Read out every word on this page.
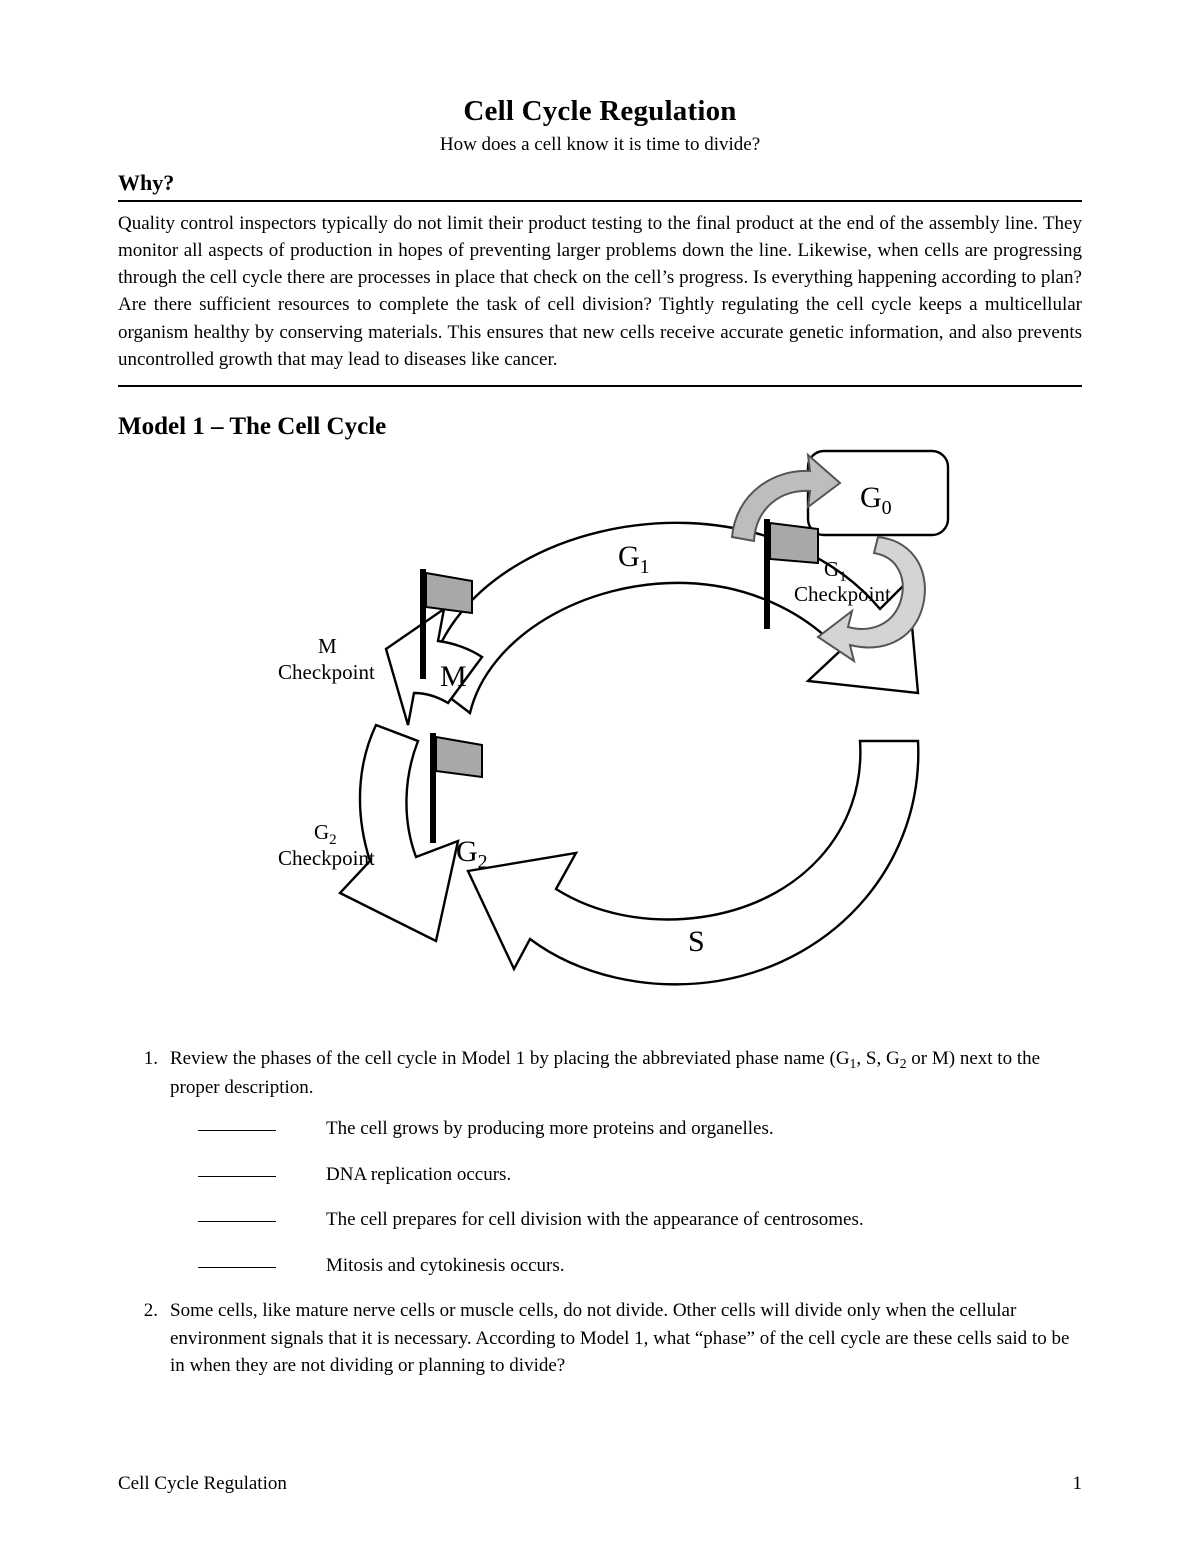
Cell Cycle Regulation
How does a cell know it is time to divide?
Why?

Quality control inspectors typically do not limit their product testing to the final product at the end of the assembly line. They monitor all aspects of production in hopes of preventing larger problems down the line. Likewise, when cells are progressing through the cell cycle there are processes in place that check on the cell’s progress. Is everything happening according to plan? Are there sufficient resources to complete the task of cell division? Tightly regulating the cell cycle keeps a multicellular organism healthy by conserving materials. This ensures that new cells receive accurate genetic information, and also prevents uncontrolled growth that may lead to diseases like cancer.

Model 1 – The Cell Cycle
$G_0$
$G_1$	$G_1$
Checkpoint
M
M
Checkpoint
$G_2$
$G_2$
Checkpoint
S
1. Review the phases of the cell cycle in Model 1 by placing the abbreviated phase name ($G_1$, S, $G_2$ or M) next to the proper description.
The cell grows by producing more proteins and organelles.
DNA replication occurs.
The cell prepares for cell division with the appearance of centrosomes.
Mitosis and cytokinesis occurs.
2. Some cells, like mature nerve cells or muscle cells, do not divide. Other cells will divide only when the cellular environment signals that it is necessary. According to Model 1, what “phase” of the cell cycle are these cells said to be in when they are not dividing or planning to divide?
Cell Cycle Regulation	1
